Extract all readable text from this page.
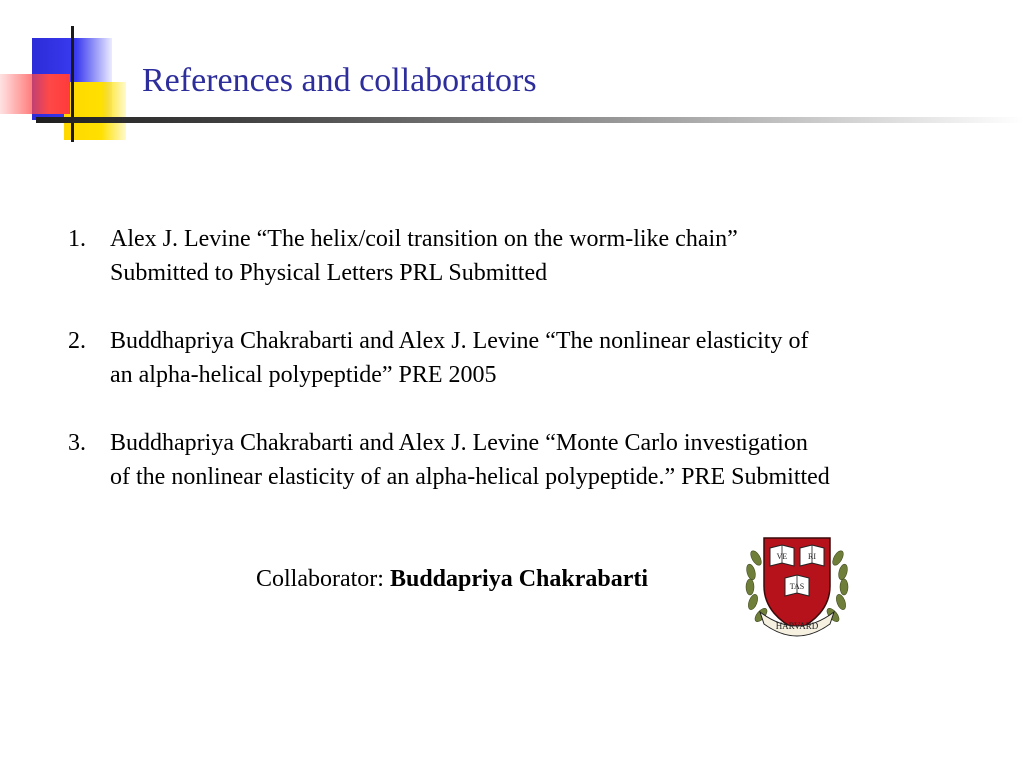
References and collaborators
1. Alex J. Levine “The helix/coil transition on the worm-like chain”
Submitted to Physical Letters PRL Submitted
2. Buddhapriya Chakrabarti and Alex J. Levine “The nonlinear elasticity of
an alpha-helical polypeptide” PRE 2005
3. Buddhapriya Chakrabarti and Alex J. Levine “Monte Carlo investigation
of the nonlinear elasticity of an alpha-helical polypeptide.” PRE Submitted
Collaborator: Buddapriya Chakrabarti
VE	RI
TAS
HARVARD
